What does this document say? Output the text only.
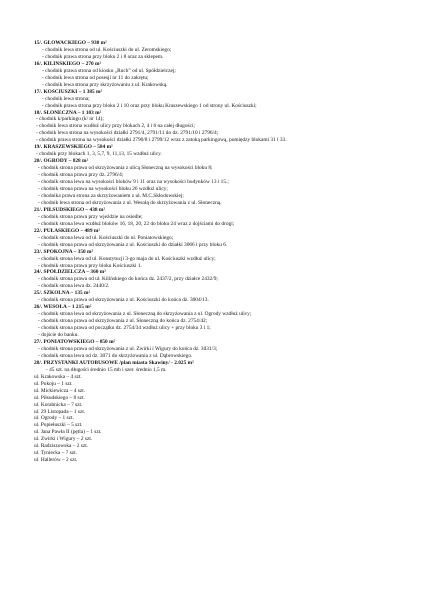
15/. GŁOWACKIEGO – 930 m²
- chodnik lewa strona od ul. Kościuszki do ul. Żeromskiego;
- chodnik prawa strona przy bloku 2 i 8 oraz za sklepem.
16/. KILIŃSKIEGO – 270 m²
- chodnik prawa strona od kiosku „Ruch” od ul. Spółdzielczej;
- chodnik lewa strona od posesji nr 11 do zakrętu;
- chodnik lewa strona przy skrzyżowaniu z ul. Krakowską.
17/. KOŚCIUSZKI – 1 385 m²
- chodnik lewa strona;
- chodnik prawa strona przy bloku 2 i 10 oraz przy bloku Kraszewskiego 1 od strony ul. Kościuszki;
18/. SŁONECZNA – 1 103 m²
- chodnik k/parkingu (k/ nr 14);
- chodnik lewa strona wzdłuż ulicy przy blokach 2, 4 i 6 na całej długości;
- chodnik lewa strona na wysokości działki 2791/4, 2791/11 do dz. 2791/10 i 2796/4;
- chodnik prawa strona na wysokości działki 2790/8 i 2799/12 wraz z zatoką parkingową, pomiędzy blokami 31 i 33.
19/. KRASZEWSKIEGO – 584 m²
- chodnik przy blokach 1, 3, 5,7, 9, 11,13, 15 wzdłuż ulicy.
20/. OGRODY – 828 m²
- chodnik strona prawa od skrzyżowania z ulicą Słoneczną na wysokości bloku 8;
- chodnik strona prawa przy dz. 2796/4;
- chodnik strona lewa na wysokości bloków 9 i 11 oraz na wysokości budynków 13 i 15.;
- chodnik strona prawa na wysokości bloku 26 wzdłuż ulicy;
- chodnika prawa strona za skrzyżowaniem z ul. M.C.Skłodowskiej;
- chodnik lewa strona od skrzyżowania z ul. Wesołą do skrzyżowania z ul. Słoneczną.
21/. PIŁSUDSKIEGO – 438 m²
- chodnik strona prawa przy wjeździe na osiedle;
- chodnik strona lewa wzdłuż bloków 16, 18, 20, 22 do bloku 24 wraz z dojściami do drogi;
22/. PUŁASKIEGO – 489 m²
- chodnik strona lewa od ul. Kościuszki do ul. Poniatowskiego;
- chodnik strona prawa od skrzyżowania z ul. Kościuszki do działki 3066 i przy bloku 6.
23/. SPOKOJNA – 350 m²
- chodnik strona lewa od ul. Konstytucji 3-go maja do ul. Kościuszki wzdłuż ulicy;
- chodnik strona prawa przy bloku Kościuszki 1.
24/. SPÓŁDZIELCZA – 360 m²
- chodnik strona prawa od ul. Kilińskiego do końca dz. 2437/2, przy działce 2432/9;
- chodnik strona lewa dz. 2440/2.
25/. SZKOLNA – 135 m²
- chodnik strona prawa od skrzyżowania z ul. Kościuszki do końca dz. 3004/13.
26/. WESOŁA – 1 215 m²
- chodnik strona lewa od skrzyżowania z ul. Słoneczną do skrzyżowania z ul. Ogrody wzdłuż ulicy;
- chodnik strona prawa od skrzyżowania z ul. Słoneczną do końca dz. 2754/42;
- chodnik strona prawa od początku dz. 2754/34 wzdłuż ulicy + przy bloku 3 i 1;
- dojście do banku.
27/. PONIATOWSKIEGO – 850 m²
- chodnik strona prawa od skrzyżowania z ul. Żwirki i Wigury do końca dz. 3031/3;
- chodnik strona lewa od dz. 3071 do skrzyżowania z ul. Dąbrowskiego.
28/. PRZYSTANKI AUTOBUSOWE /plan miasta Skawiny/ - 2.025 m²
- 45 szt. na długości średnio 15 mb i szer. średnio 1,5 m.
ul. Krakowska – 4 szt.
ul. Pokoju – 1 szt.
ul. Mickiewicza – 4 szt.
ul. Piłsudskiego – 8 szt.
ul. Korabnicka – 7 szt.
ul. 29 Listopada – 1 szt.
ul. Ogrody – 1 szt.
ul. Popiełuszki – 5 szt.
ul. Jana Pawła II (pętla) – 1 szt.
ul. Żwirki i Wigury – 2 szt.
ul. Radziszowska – 2 szt.
ul. Tyniecka – 7 szt.
ul. Hallerów – 2 szt.
